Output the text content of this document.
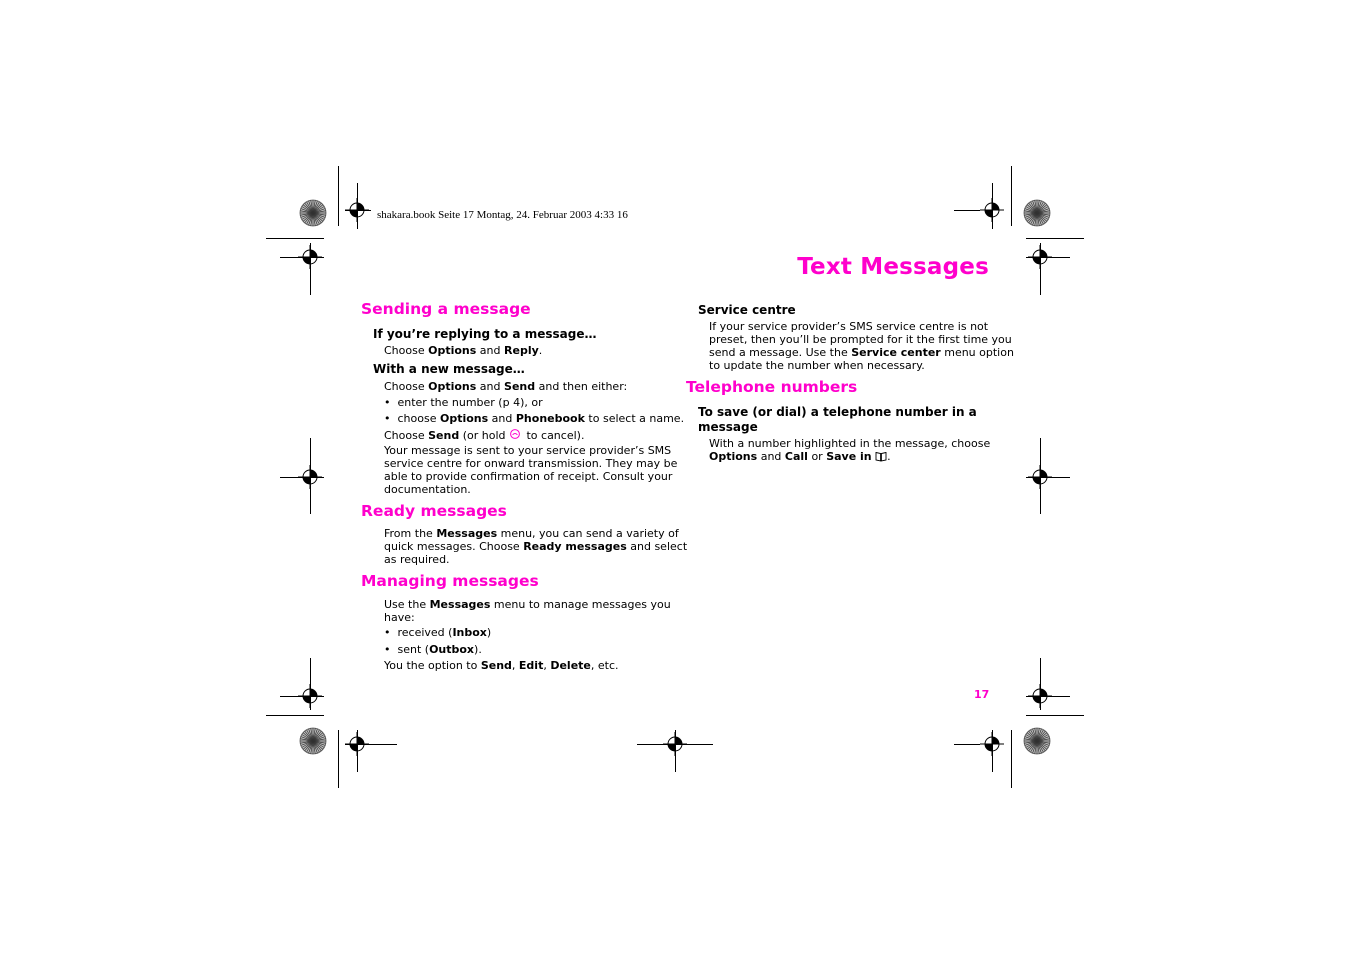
shakara.book Seite 17 Montag, 24. Februar 2003 4:33 16
Text Messages
Sending a message
If you’re replying to a message…
Choose Options and Reply.
With a new message…
Choose Options and Send and then either:
•  enter the number (p 4), or
•  choose Options and Phonebook to select a name.
Choose Send (or hold  to cancel).
Your message is sent to your service provider’s SMS
service centre for onward transmission. They may be
able to provide confirmation of receipt. Consult your
documentation.
Ready messages
From the Messages menu, you can send a variety of
quick messages. Choose Ready messages and select
as required.
Managing messages
Use the Messages menu to manage messages you
have:
•  received (Inbox)
•  sent (Outbox).
You the option to Send, Edit, Delete, etc.
Service centre
If your service provider’s SMS service centre is not
preset, then you’ll be prompted for it the first time you
send a message. Use the Service center menu option
to update the number when necessary.
Telephone numbers
To save (or dial) a telephone number in a
message
With a number highlighted in the message, choose
Options and Call or Save in .
17
